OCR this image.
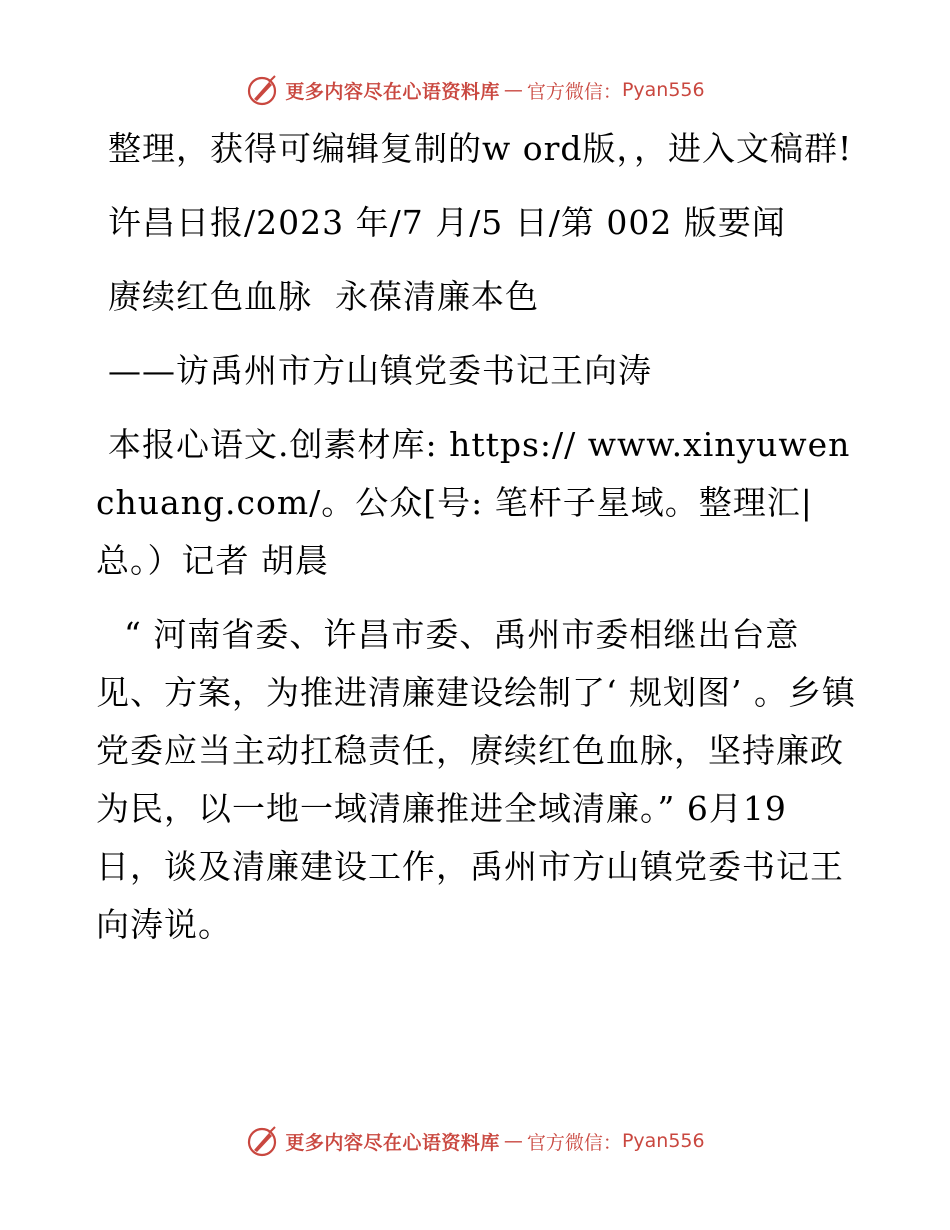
更多内容尽在心语资料库 — 官方微信： Pyan556

整理，获得可编辑复制的w ord版，，进入文稿群!

许昌日报/2023 年/7 月/5 日/第 002 版要闻

赓续红色血脉  永葆清廉本色

——访禹州市方山镇党委书记王向涛

本报心语文.创素材库: https:// www.xinyuwenchuang.com/。公众[号: 笔杆子星域。整理汇|总。）记者 胡晨

“ 河南省委、许昌市委、禹州市委相继出台意见、方案，为推进清廉建设绘制了‘ 规划图’ 。乡镇党委应当主动扛稳责任，赓续红色血脉，坚持廉政为民，以一地一域清廉推进全域清廉。” 6月19 日，谈及清廉建设工作，禹州市方山镇党委书记王向涛说。

更多内容尽在心语资料库 — 官方微信： Pyan556
